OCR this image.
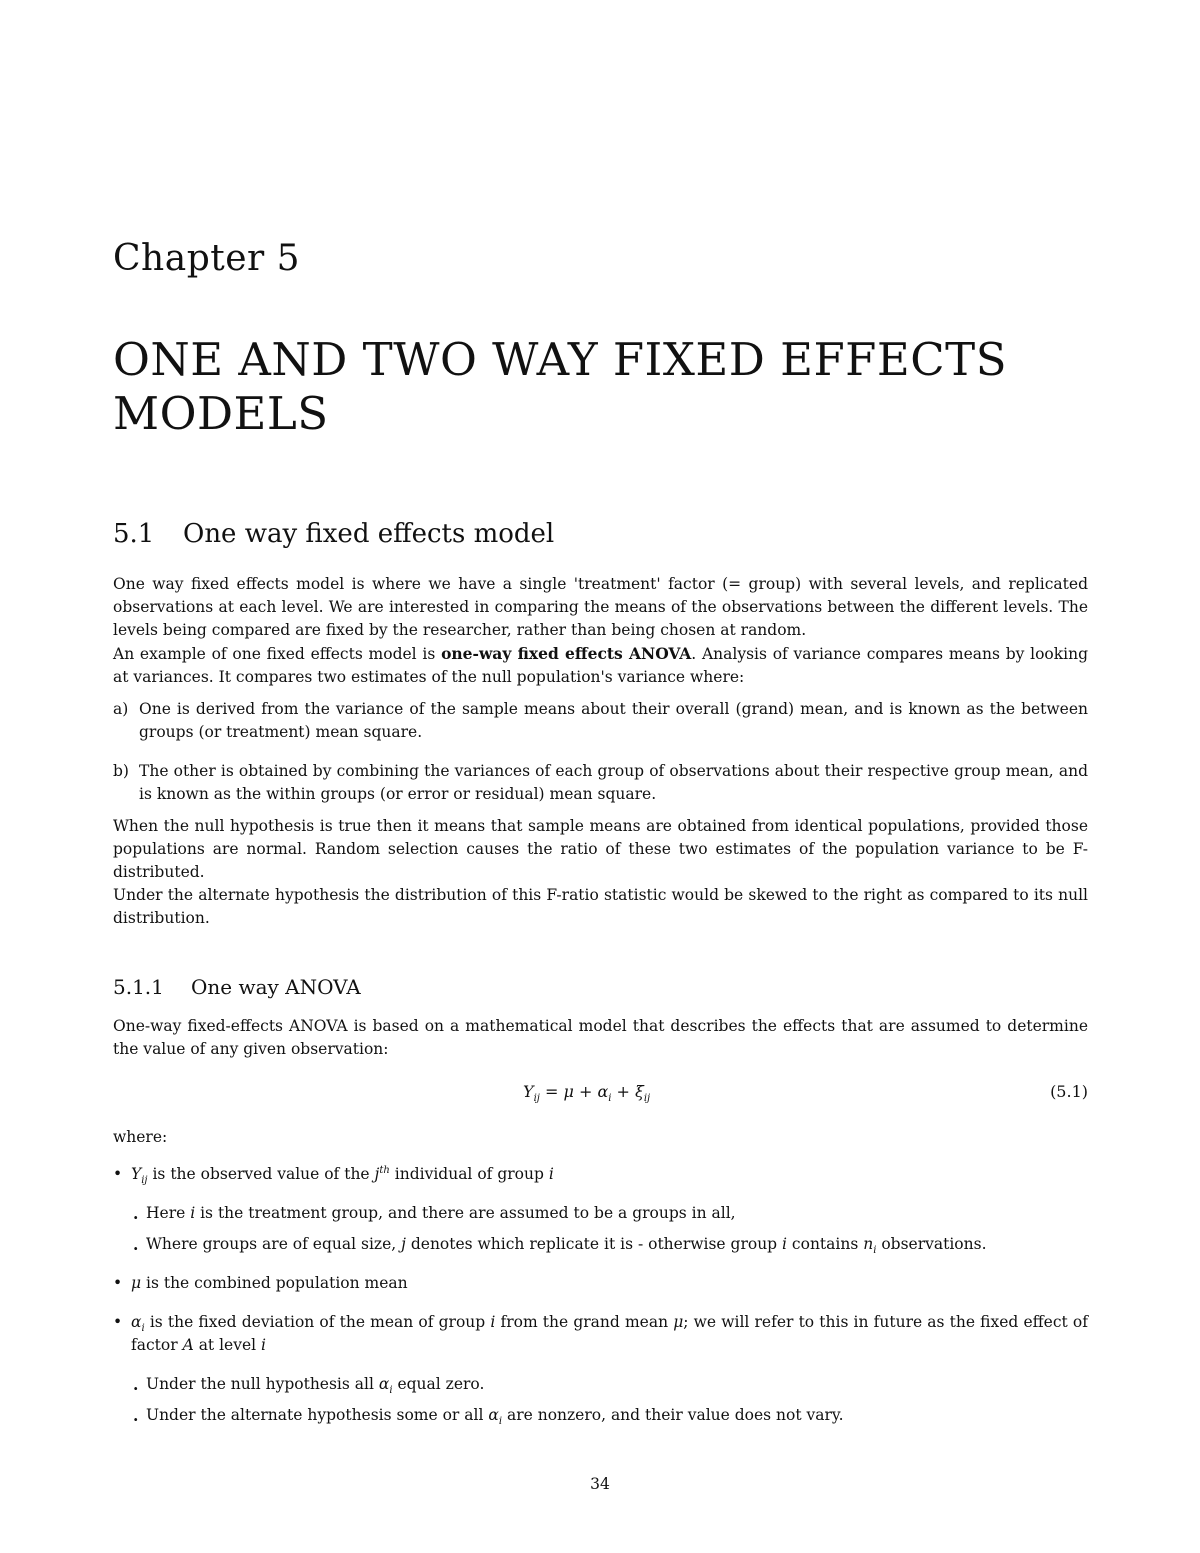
Chapter 5
ONE AND TWO WAY FIXED EFFECTS MODELS
5.1 One way fixed effects model

One way fixed effects model is where we have a single 'treatment' factor (= group) with several levels, and replicated observations at each level. We are interested in comparing the means of the observations between the different levels. The levels being compared are fixed by the researcher, rather than being chosen at random.

An example of one fixed effects model is one-way fixed effects ANOVA. Analysis of variance compares means by looking at variances. It compares two estimates of the null population's variance where:

a) One is derived from the variance of the sample means about their overall (grand) mean, and is known as the between groups (or treatment) mean square.
b) The other is obtained by combining the variances of each group of observations about their respective group mean, and is known as the within groups (or error or residual) mean square.

When the null hypothesis is true then it means that sample means are obtained from identical populations, provided those populations are normal. Random selection causes the ratio of these two estimates of the population variance to be F-distributed.

Under the alternate hypothesis the distribution of this F-ratio statistic would be skewed to the right as compared to its null distribution.

5.1.1 One way ANOVA

One-way fixed-effects ANOVA is based on a mathematical model that describes the effects that are assumed to determine the value of any given observation:

$Y_{ij} = \mu + \alpha_i + \xi_{ij}$	(5.1)

where:

• $Y_{ij}$ is the observed value of the $j^{th}$ individual of group i
. Here i is the treatment group, and there are assumed to be a groups in all,
. Where groups are of equal size, j denotes which replicate it is - otherwise group i contains $n_i$ observations.
• μ is the combined population mean
• $\alpha_i$ is the fixed deviation of the mean of group i from the grand mean μ; we will refer to this in future as the fixed effect of factor A at level i
. Under the null hypothesis all $\alpha_i$ equal zero.
. Under the alternate hypothesis some or all $\alpha_i$ are nonzero, and their value does not vary.
34
